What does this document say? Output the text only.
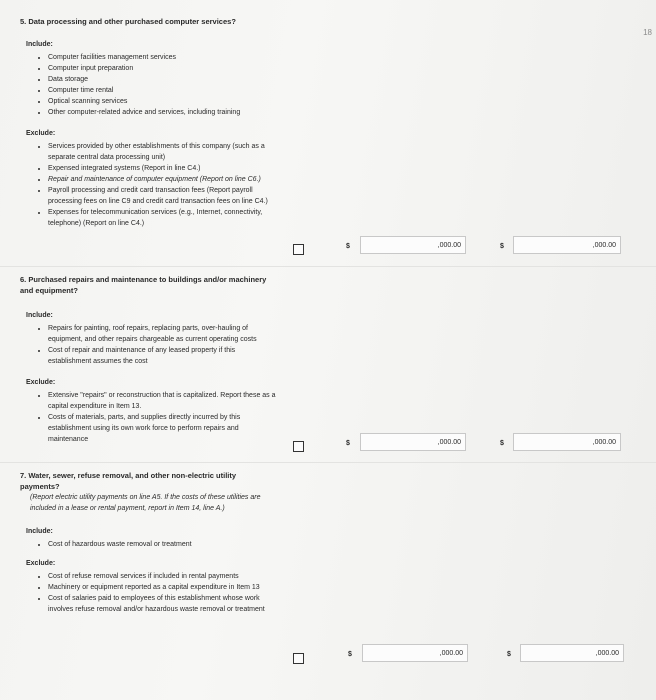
18
5. Data processing and other purchased computer services?
Include:
• Computer facilities management services
• Computer input preparation
• Data storage
• Computer time rental
• Optical scanning services
• Other computer-related advice and services, including training
Exclude:
• Services provided by other establishments of this company (such as a separate central data processing unit)
• Expensed integrated systems (Report in line C4.)
• Repair and maintenance of computer equipment (Report on line C6.)
• Payroll processing and credit card transaction fees (Report payroll processing fees on line C9 and credit card transaction fees on line C4.)
• Expenses for telecommunication services (e.g., Internet, connectivity, telephone) (Report on line C4.)
$	,000.00	$	,000.00
6. Purchased repairs and maintenance to buildings and/or machinery and equipment?
Include:
• Repairs for painting, roof repairs, replacing parts, over-hauling of equipment, and other repairs chargeable as current operating costs
• Cost of repair and maintenance of any leased property if this establishment assumes the cost
Exclude:
• Extensive "repairs" or reconstruction that is capitalized. Report these as a capital expenditure in Item 13.
• Costs of materials, parts, and supplies directly incurred by this establishment using its own work force to perform repairs and maintenance
$	,000.00	$	,000.00
7. Water, sewer, refuse removal, and other non-electric utility payments?
(Report electric utility payments on line A5. If the costs of these utilities are included in a lease or rental payment, report in Item 14, line A.)
Include:
• Cost of hazardous waste removal or treatment
Exclude:
• Cost of refuse removal services if included in rental payments
• Machinery or equipment reported as a capital expenditure in Item 13
• Cost of salaries paid to employees of this establishment whose work involves refuse removal and/or hazardous waste removal or treatment
$	,000.00	$	,000.00
